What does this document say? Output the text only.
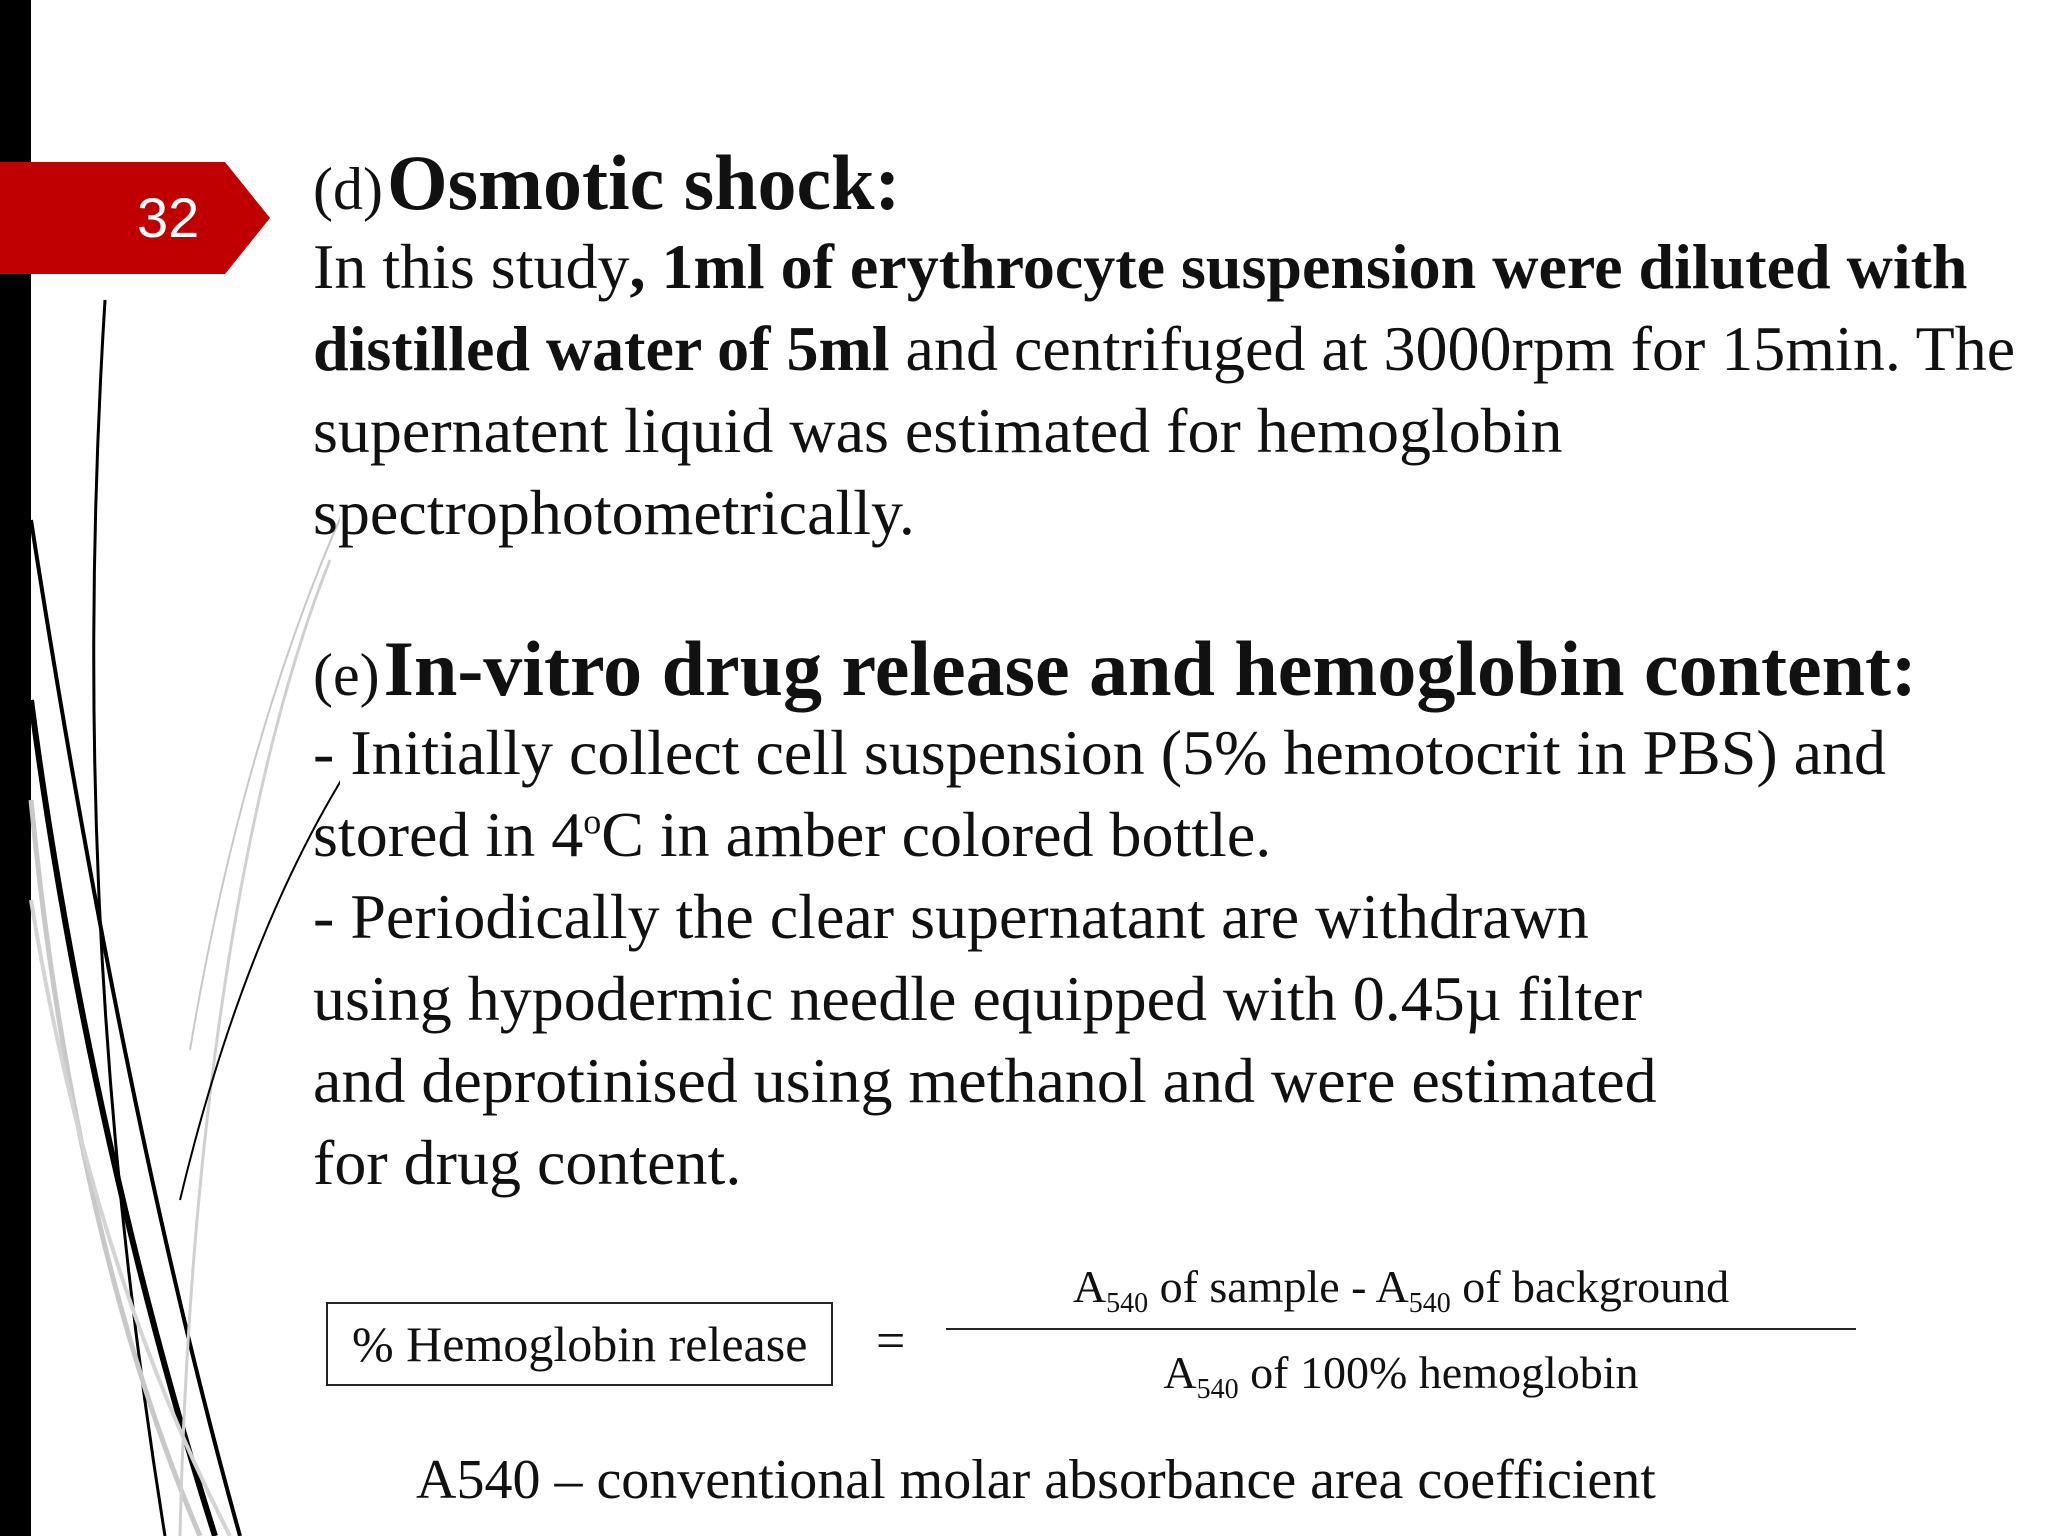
32	(d) Osmotic shock:

In this study, 1ml of erythrocyte suspension were diluted with distilled water of 5ml and centrifuged at 3000rpm for 15min. The supernatent liquid was estimated for hemoglobin spectrophotometrically.

(e) In-vitro drug release and hemoglobin content:

- Initially collect cell suspension (5% hemotocrit in PBS) and stored in 4$^o$C in amber colored bottle.

- Periodically the clear supernatant are withdrawn using hypodermic needle equipped with 0.45µ filter and deprotinised using methanol and were estimated

for drug content.

% Hemoglobin release	=
$A_{540}$ of sample - $A_{540}$ of background
$A_{540}$ of 100% hemoglobin
A540 – conventional molar absorbance area coefficient
